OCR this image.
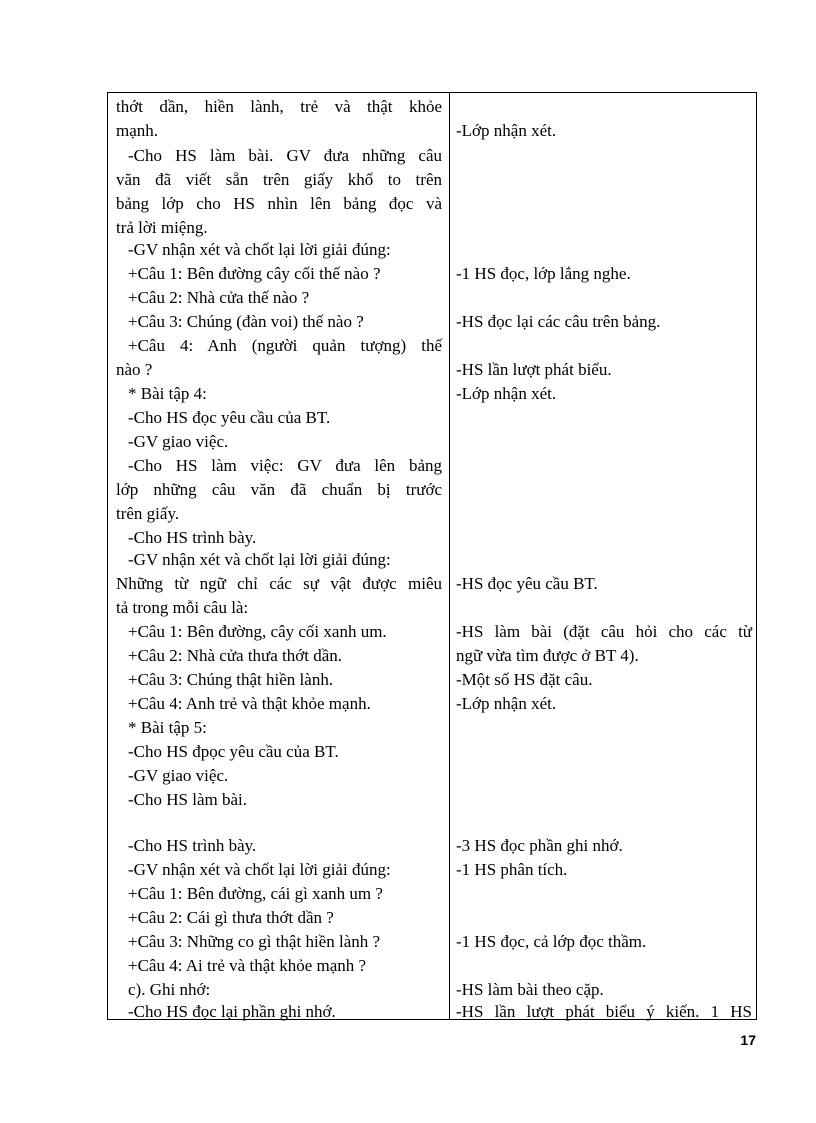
thớt dần, hiền lành, trẻ và thật khỏe
mạnh.
-Cho HS làm bài. GV đưa những câu
văn đã viết sẵn trên giấy khổ to trên
bảng lớp cho HS nhìn lên bảng đọc và
trả lời miệng.
-GV nhận xét và chốt lại lời giải đúng:
+Câu 1: Bên đường cây cối thế nào ?
+Câu 2: Nhà cửa thế nào ?
+Câu 3: Chúng (đàn voi) thế nào ?
+Câu 4: Anh (người quản tượng) thế
nào ?
* Bài tập 4:
-Cho HS đọc yêu cầu của BT.
-GV giao việc.
-Cho HS làm việc: GV đưa lên bảng
lớp những câu văn đã chuẩn bị trước
trên giấy.
-Cho HS trình bày.
-GV nhận xét và chốt lại lời giải đúng:
Những từ ngữ chỉ các sự vật được miêu
tả trong mỗi câu là:
+Câu 1: Bên đường, cây cối xanh um.
+Câu 2: Nhà cửa thưa thớt dần.
+Câu 3: Chúng thật hiền lành.
+Câu 4: Anh trẻ và thật khỏe mạnh.
* Bài tập 5:
-Cho HS đpọc yêu cầu của BT.
-GV giao việc.
-Cho HS làm bài.
-Cho HS trình bày.
-GV nhận xét và chốt lại lời giải đúng:
+Câu 1: Bên đường, cái gì xanh um ?
+Câu 2: Cái gì thưa thớt dần ?
+Câu 3: Những co gì thật hiền lành ?
+Câu 4: Ai trẻ và thật khỏe mạnh ?
c). Ghi nhớ:
-Cho HS đọc lại phần ghi nhớ.
-Lớp nhận xét.
-1 HS đọc, lớp lắng nghe.
-HS đọc lại các câu trên bảng.
-HS lần lượt phát biểu.
-Lớp nhận xét.
-HS đọc yêu cầu BT.
-HS làm bài (đặt câu hỏi cho các từ
ngữ vừa tìm được ở BT 4).
-Một số HS đặt câu.
-Lớp nhận xét.
-3 HS đọc phần ghi nhớ.
-1 HS phân tích.
-1 HS đọc, cả lớp đọc thầm.
-HS làm bài theo cặp.
-HS lần lượt phát biểu ý kiến. 1 HS
17
